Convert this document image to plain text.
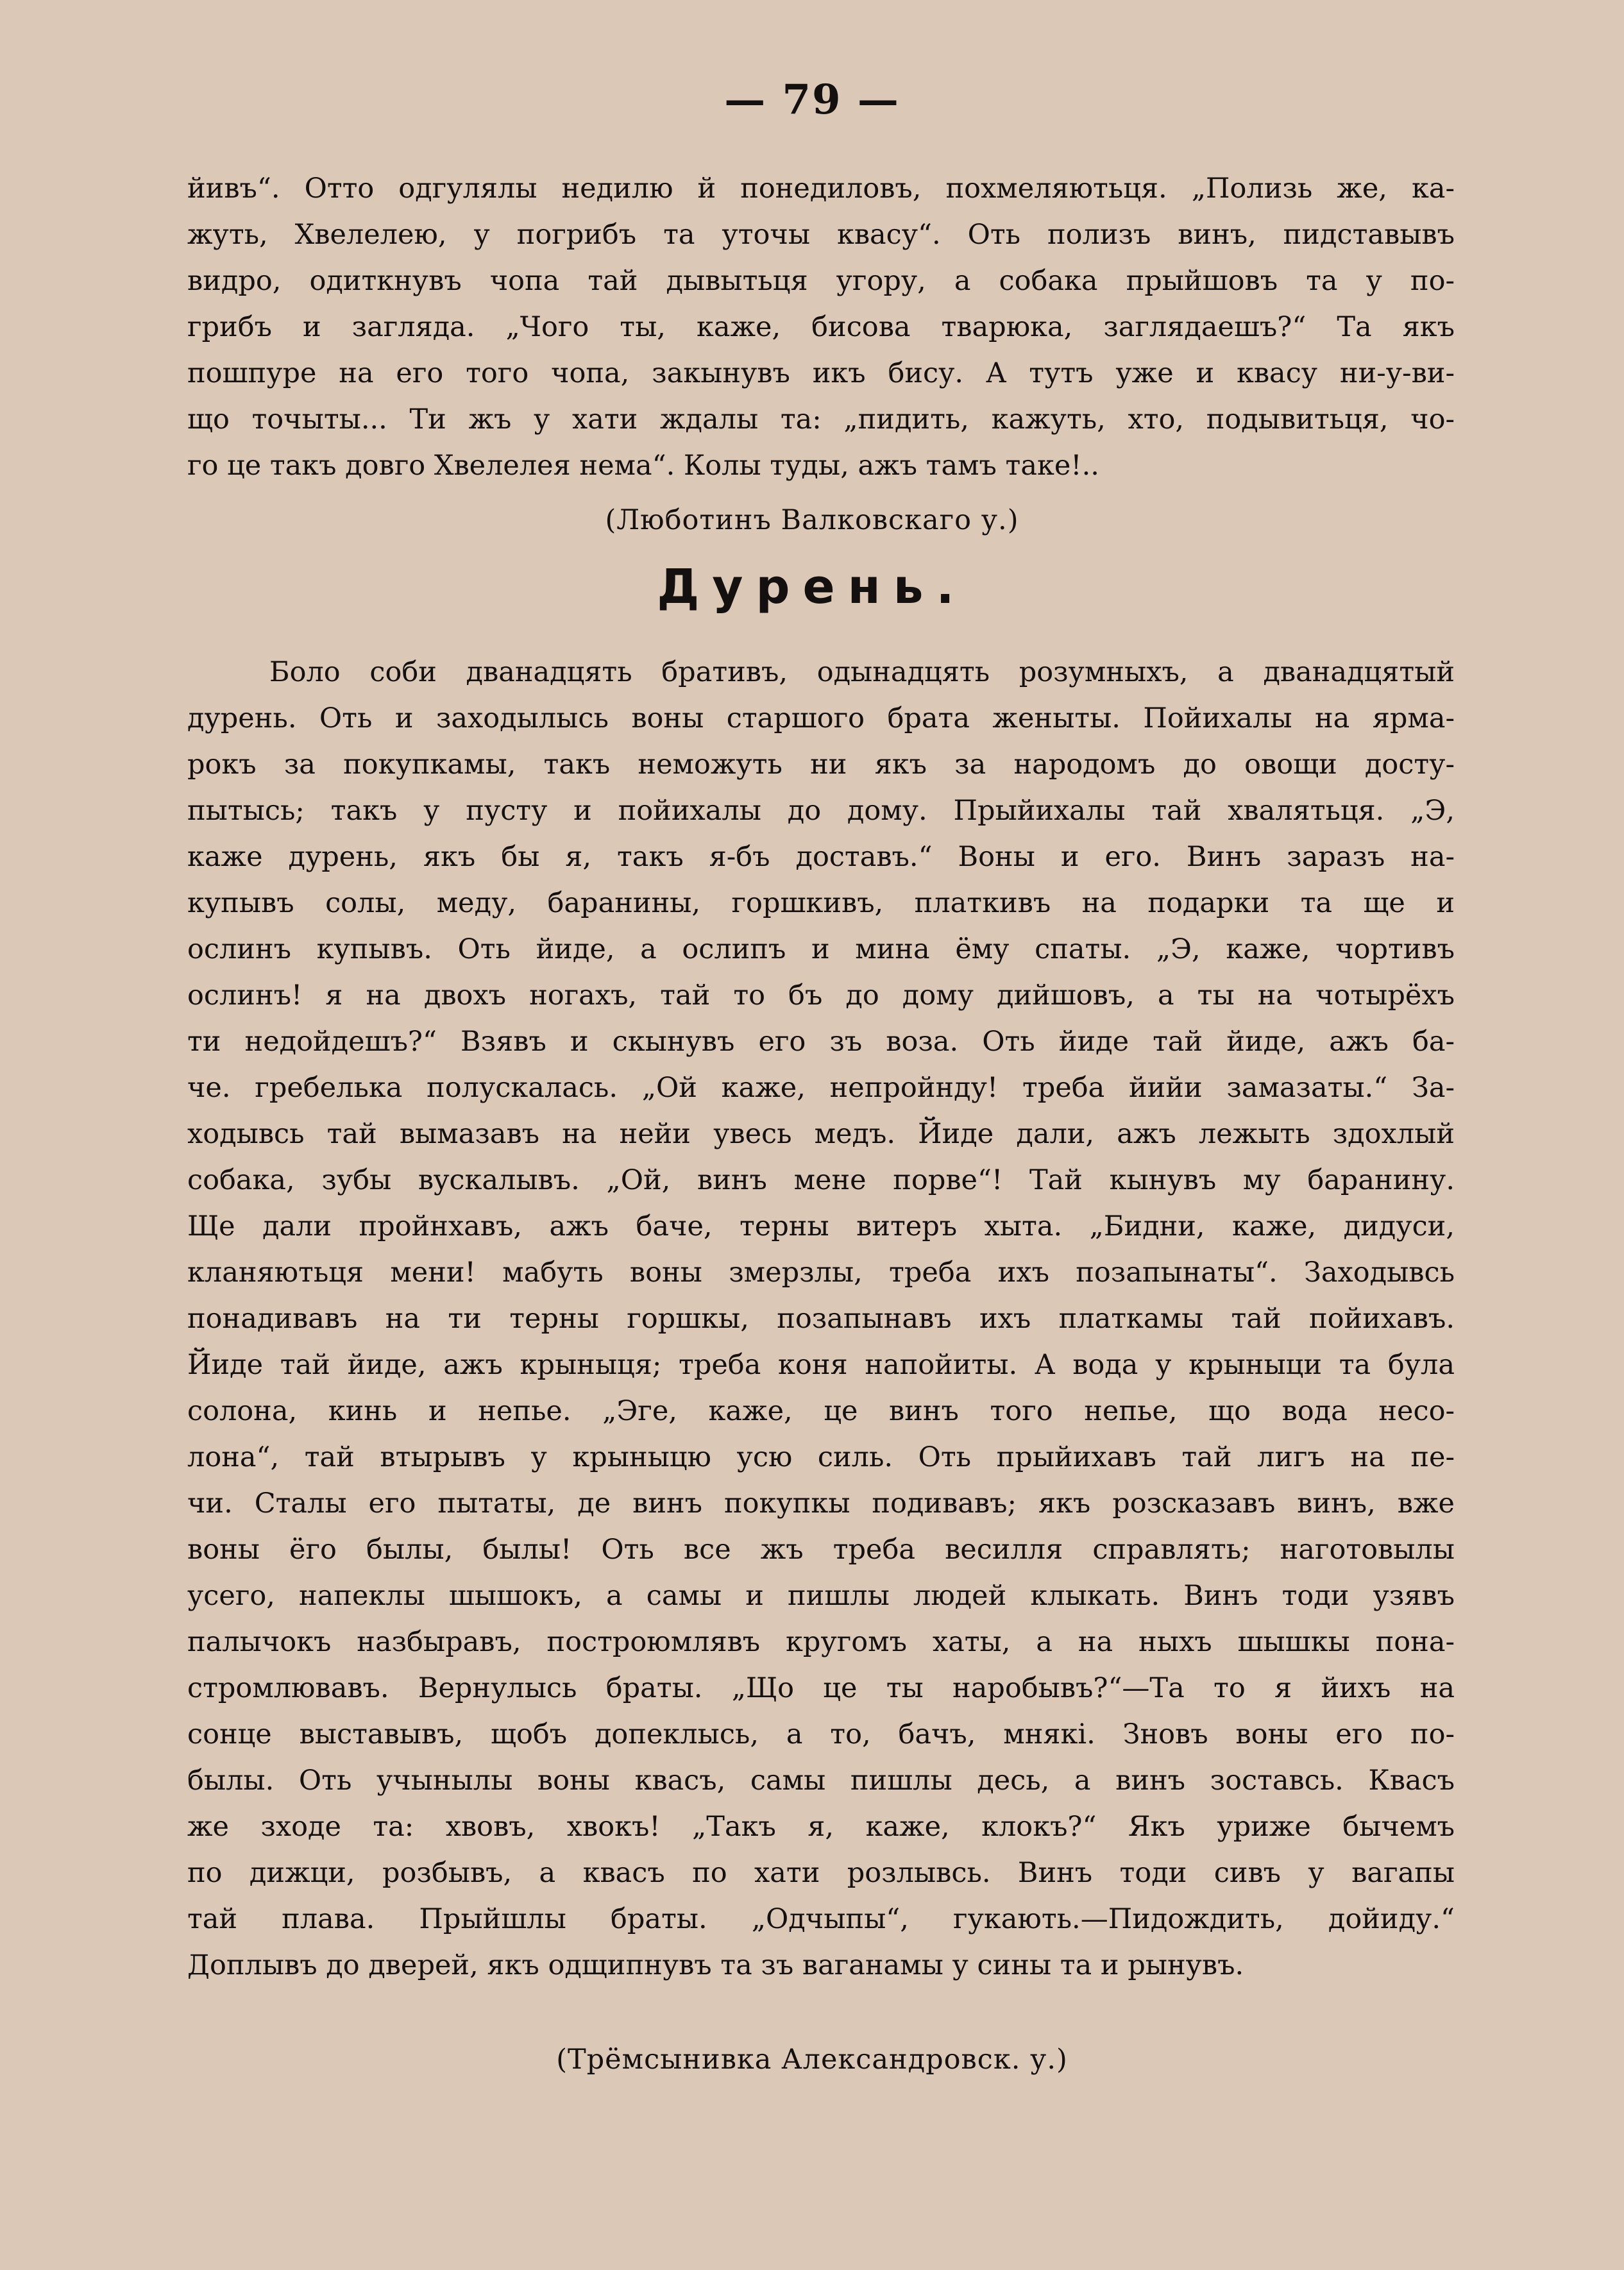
— 79 —
йивъ“. Отто одгулялы недилю й понедиловъ, похмеляютьця. „Полизь же, ка-
жуть, Хвелелею, у погрибъ та уточы квасу“. Оть полизъ винъ, пидставывъ
видро, одиткнувъ чопа тай дывытьця угору, а собака прыйшовъ та у по-
грибъ и заглядa. „Чого ты, каже, бисова тварюка, заглядаешъ?“ Та якъ
пошпуре на его того чопа, закынувъ икъ бису. А тутъ уже и квасу ни-у-ви-
що точыты... Ти жъ у хати ждалы та: „пидить, кажуть, хто, подывитьця, чо-
го це такъ довго Хвелелея нема“. Колы туды, ажъ тамъ таке!..
(Люботинъ Валковскаго у.)
Дурень.
Боло соби дванадцять бративъ, одынадцять розумныхъ, а дванадцятый
дурень. Оть и заходылысь воны старшого брата женыты. Пойихалы на ярма-
рокъ за покупкамы, такъ неможуть ни якъ за народомъ до овощи досту-
пытысь; такъ у пусту и пойихалы до дому. Прыйихалы тай хвалятьця. „Э,
каже дурень, якъ бы я, такъ я-бъ доставъ.“ Воны и его. Винъ заразъ на-
купывъ солы, меду, баранины, горшкивъ, платкивъ на подарки та ще и
ослинъ купывъ. Оть йиде, а ослипъ и мина ёму спаты. „Э, каже, чортивъ
ослинъ! я на двохъ ногахъ, тай то бъ до дому дийшовъ, а ты на чотырёхъ
ти недойдешъ?“ Взявъ и скынувъ его зъ воза. Оть йиде тай йиде, ажъ ба-
че. гребелька полускалась. „Ой каже, непройнду! треба йийи замазаты.“ За-
ходывсь тай вымазавъ на нейи увесь медъ. Йиде дали, ажъ лежыть здохлый
собака, зубы вyскалывъ. „Ой, винъ мене порве“! Тай кынувъ му баранину.
Ще дали пройнхавъ, ажъ баче, терны витеръ хыта. „Бидни, каже, дидуси,
кланяютьця мени! мабуть воны змерзлы, треба ихъ позапынаты“. Заходывсь
понадивавъ на ти терны горшкы, позапынавъ ихъ платкамы тай пойихавъ.
Йиде тай йиде, ажъ крыныця; треба коня напойиты. А вода у крыныци та була
солона, кинь и непье. „Эге, каже, це винъ того непье, що вода несо-
лона“, тай втырывъ у крыныцю усю силь. Оть прыйихавъ тай лигъ на пе-
чи. Сталы его пытаты, де винъ покупкы подивавъ; якъ розсказавъ винъ, вже
воны ёго былы, былы! Оть все жъ треба весилля справлять; наготовылы
усего, напеклы шышокъ, а самы и пишлы людей клыкать. Винъ тоди узявъ
палычокъ назбыравъ, построюмлявъ кругомъ хаты, а на ныхъ шышкы пона-
стромлювавъ. Вернулысь браты. „Що це ты наробывъ?“—Та то я йихъ на
сонце выставывъ, щобъ допеклысь, а то, бачъ, мнякi. Зновъ воны его по-
былы. Оть учынылы воны квасъ, самы пишлы десь, а винъ зоставсь. Квасъ
же зходе та: хвовъ, хвокъ! „Такъ я, каже, клокъ?“ Якъ уриже бычемъ
по дижци, розбывъ, а квасъ по хати розлывсь. Винъ тоди сивъ у вaгапы
тай плава. Прыйшлы браты. „Одчыпы“, гукають.—Пидождить, дойиду.“
Доплывъ до дверей, якъ одщипнувъ та зъ ваганамы у сины та и рынувъ.
(Трёмсынивка Александровск. у.)
